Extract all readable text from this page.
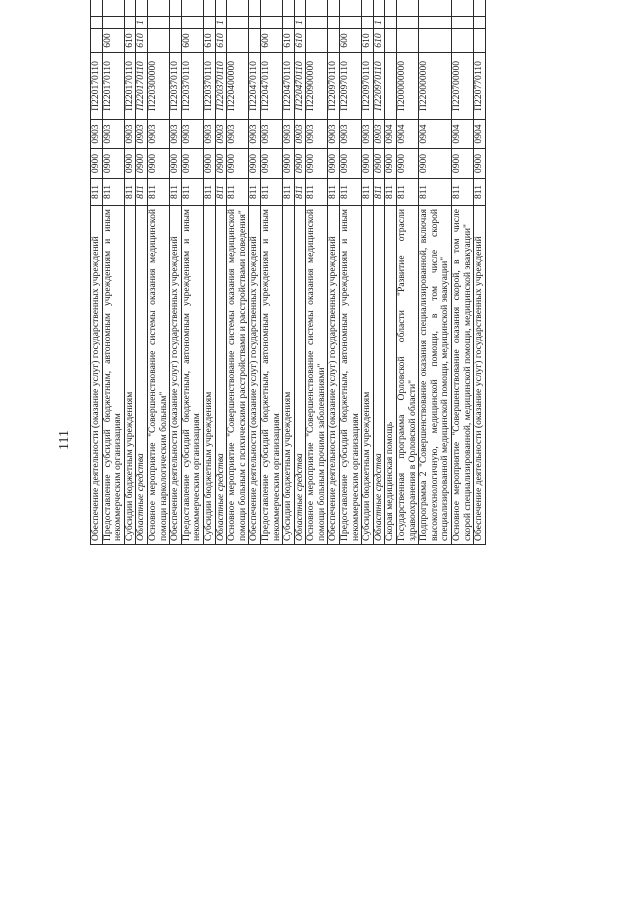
111 Обеспечение деятельности (оказание услуг) государственных учреждений	811	0900	0903	П220170110				
Предоставление субсидий бюджетным, автономным учреждениям и иным некоммерческим организациям	811	0900	0903	П220170110	600			
Субсидии бюджетным учреждениям	811	0900	0903	П220170110	610			
Областные средства	811	0900	0903	П220170110	610	1		
Основное мероприятие "Совершенствование системы оказания медицинской помощи наркологическим больным"	811	0900	0903	П220300000				
Обеспечение деятельности (оказание услуг) государственных учреждений	811	0900	0903	П220370110				
Предоставление субсидий бюджетным, автономным учреждениям и иным некоммерческим организациям	811	0900	0903	П220370110	600			
Субсидии бюджетным учреждениям	811	0900	0903	П220370110	610			
Областные средства	811	0900	0903	П220370110	610	1		
Основное мероприятие "Совершенствование системы оказания медицинской помощи больным с психическими расстройствами и расстройствами поведения"	811	0900	0903	П220400000				
Обеспечение деятельности (оказание услуг) государственных учреждений	811	0900	0903	П220470110				
Предоставление субсидий бюджетным, автономным учреждениям и иным некоммерческим организациям	811	0900	0903	П220470110	600			
Субсидии бюджетным учреждениям	811	0900	0903	П220470110	610			
Областные средства	811	0900	0903	П220470110	610	1		
Основное мероприятие "Совершенствование системы оказания медицинской помощи больным прочими заболеваниями"	811	0900	0903	П220900000				
Обеспечение деятельности (оказание услуг) государственных учреждений	811	0900	0903	П220970110				
Предоставление субсидий бюджетным, автономным учреждениям и иным некоммерческим организациям	811	0900	0903	П220970110	600			
Субсидии бюджетным учреждениям	811	0900	0903	П220970110	610			
Областные средства	811	0900	0903	П220970110	610	1		
Скорая медицинская помощь	811	0900	0904					
Государственная программа Орловской области "Развитие отрасли здравоохранения в Орловской области"	811	0900	0904	П200000000				
Подпрограмма 2 "Совершенствование оказания специализированной, включая высокотехнологичную, медицинской помощи, в том числе скорой специализированной медицинской помощи, медицинской эвакуации"	811	0900	0904	П220000000				
Основное мероприятие "Совершенствование оказания скорой, в том числе скорой специализированной, медицинской помощи, медицинской эвакуации"	811	0900	0904	П220700000				
Обеспечение деятельности (оказание услуг) государственных учреждений	811	0900	0904	П220770110				
